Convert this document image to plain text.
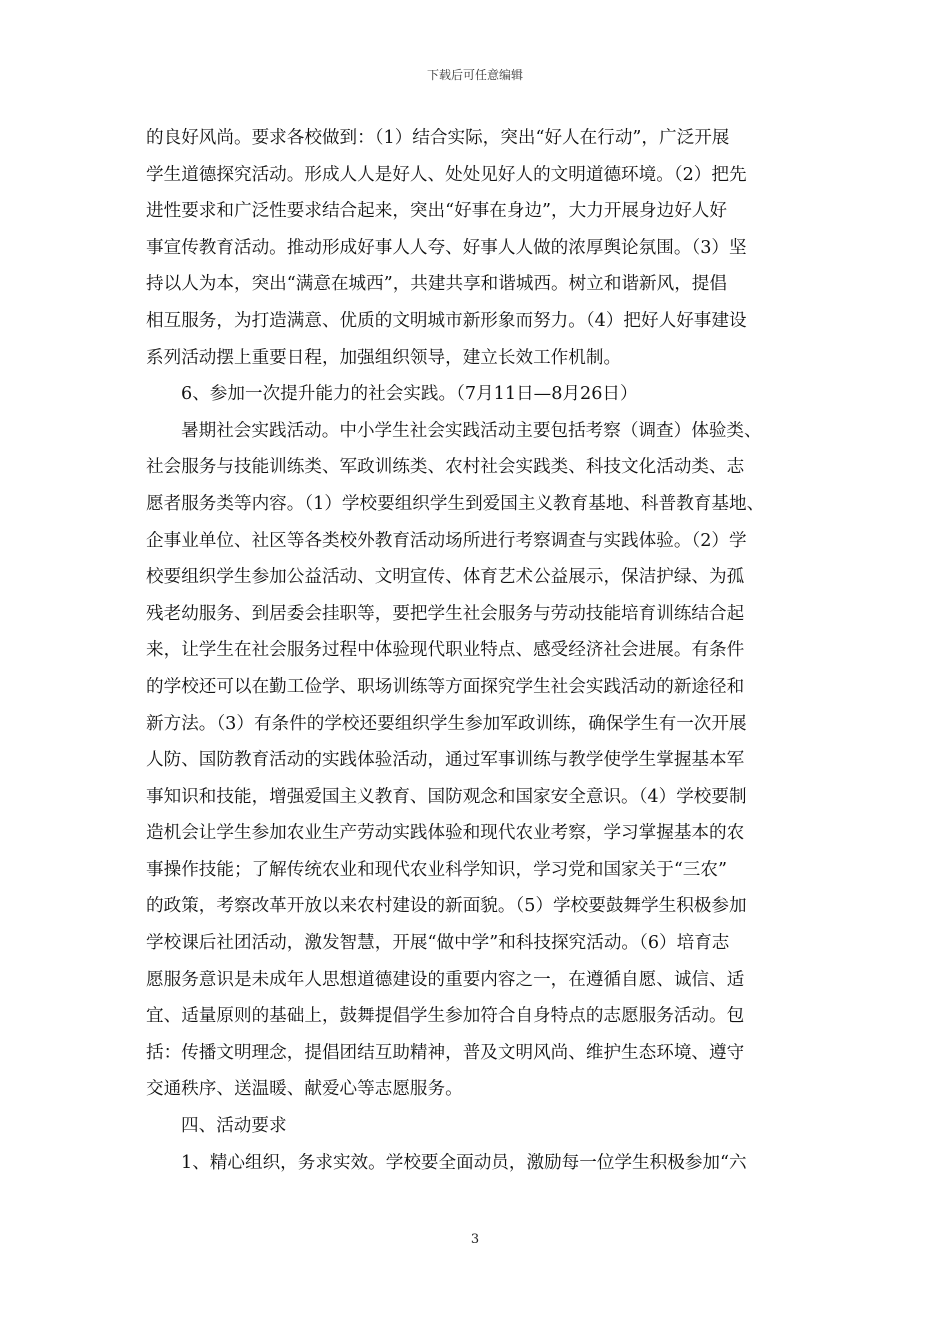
下载后可任意编辑
的良好风尚。要求各校做到：（1）结合实际，突出“好人在行动”，广泛开展
学生道德探究活动。形成人人是好人、处处见好人的文明道德环境。（2）把先
进性要求和广泛性要求结合起来，突出“好事在身边”，大力开展身边好人好
事宣传教育活动。推动形成好事人人夸、好事人人做的浓厚舆论氛围。（3）坚
持以人为本，突出“满意在城西”，共建共享和谐城西。树立和谐新风，提倡
相互服务，为打造满意、优质的文明城市新形象而努力。（4）把好人好事建设
系列活动摆上重要日程，加强组织领导，建立长效工作机制。
6、参加一次提升能力的社会实践。（7月11日—8月26日）
暑期社会实践活动。中小学生社会实践活动主要包括考察（调查）体验类、
社会服务与技能训练类、军政训练类、农村社会实践类、科技文化活动类、志
愿者服务类等内容。（1）学校要组织学生到爱国主义教育基地、科普教育基地、
企事业单位、社区等各类校外教育活动场所进行考察调查与实践体验。（2）学
校要组织学生参加公益活动、文明宣传、体育艺术公益展示，保洁护绿、为孤
残老幼服务、到居委会挂职等，要把学生社会服务与劳动技能培育训练结合起
来，让学生在社会服务过程中体验现代职业特点、感受经济社会进展。有条件
的学校还可以在勤工俭学、职场训练等方面探究学生社会实践活动的新途径和
新方法。（3）有条件的学校还要组织学生参加军政训练，确保学生有一次开展
人防、国防教育活动的实践体验活动，通过军事训练与教学使学生掌握基本军
事知识和技能，增强爱国主义教育、国防观念和国家安全意识。（4）学校要制
造机会让学生参加农业生产劳动实践体验和现代农业考察，学习掌握基本的农
事操作技能；了解传统农业和现代农业科学知识，学习党和国家关于“三农”
的政策，考察改革开放以来农村建设的新面貌。（5）学校要鼓舞学生积极参加
学校课后社团活动，激发智慧，开展“做中学”和科技探究活动。（6）培育志
愿服务意识是未成年人思想道德建设的重要内容之一，在遵循自愿、诚信、适
宜、适量原则的基础上，鼓舞提倡学生参加符合自身特点的志愿服务活动。包
括：传播文明理念，提倡团结互助精神，普及文明风尚、维护生态环境、遵守
交通秩序、送温暖、献爱心等志愿服务。
四、活动要求
1、精心组织，务求实效。学校要全面动员，激励每一位学生积极参加“六
3
